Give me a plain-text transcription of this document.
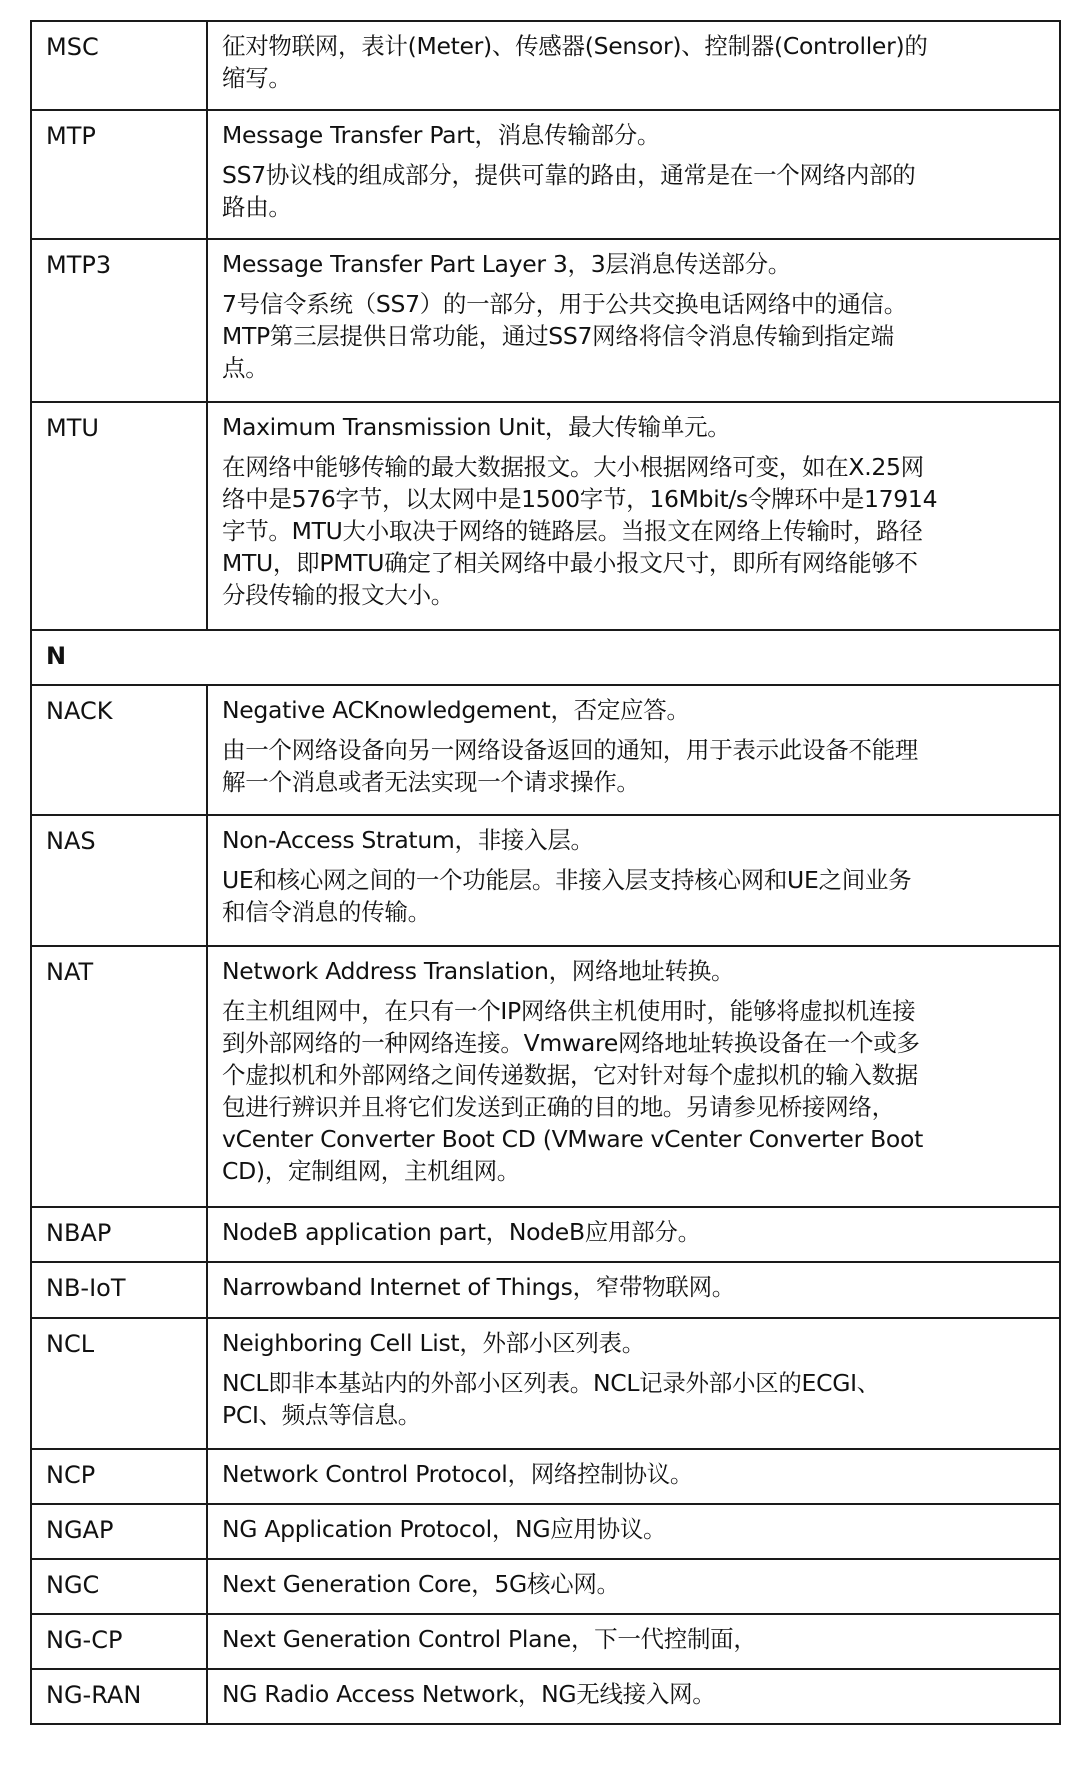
MSC	征对物联网，表计(Meter)、传感器(Sensor)、控制器(Controller)的
缩写。

MTP	Message Transfer Part，消息传输部分。
SS7协议栈的组成部分，提供可靠的路由，通常是在一个网络内部的
路由。

MTP3	Message Transfer Part Layer 3，3层消息传送部分。
7号信令系统（SS7）的一部分，用于公共交换电话网络中的通信。
MTP第三层提供日常功能，通过SS7网络将信令消息传输到指定端
点。

MTU	Maximum Transmission Unit，最大传输单元。
在网络中能够传输的最大数据报文。大小根据网络可变，如在X.25网
络中是576字节，以太网中是1500字节，16Mbit/s令牌环中是17914
字节。MTU大小取决于网络的链路层。当报文在网络上传输时，路径
MTU，即PMTU确定了相关网络中最小报文尺寸，即所有网络能够不
分段传输的报文大小。

N	
NACK	Negative ACKnowledgement，否定应答。
由一个网络设备向另一网络设备返回的通知，用于表示此设备不能理
解一个消息或者无法实现一个请求操作。

NAS	Non-Access Stratum，非接入层。
UE和核心网之间的一个功能层。非接入层支持核心网和UE之间业务
和信令消息的传输。

NAT	Network Address Translation，网络地址转换。
在主机组网中，在只有一个IP网络供主机使用时，能够将虚拟机连接
到外部网络的一种网络连接。Vmware网络地址转换设备在一个或多
个虚拟机和外部网络之间传递数据，它对针对每个虚拟机的输入数据
包进行辨识并且将它们发送到正确的目的地。另请参见桥接网络，
vCenter Converter Boot CD (VMware vCenter Converter Boot
CD)，定制组网，主机组网。

NBAP	NodeB application part，NodeB应用部分。

NB-IoT	Narrowband Internet of Things，窄带物联网。

NCL	Neighboring Cell List，外部小区列表。
NCL即非本基站内的外部小区列表。NCL记录外部小区的ECGI、
PCI、频点等信息。

NCP	Network Control Protocol，网络控制协议。

NGAP	NG Application Protocol，NG应用协议。

NGC	Next Generation Core，5G核心网。

NG-CP	Next Generation Control Plane，下一代控制面，

NG-RAN	NG Radio Access Network，NG无线接入网。
